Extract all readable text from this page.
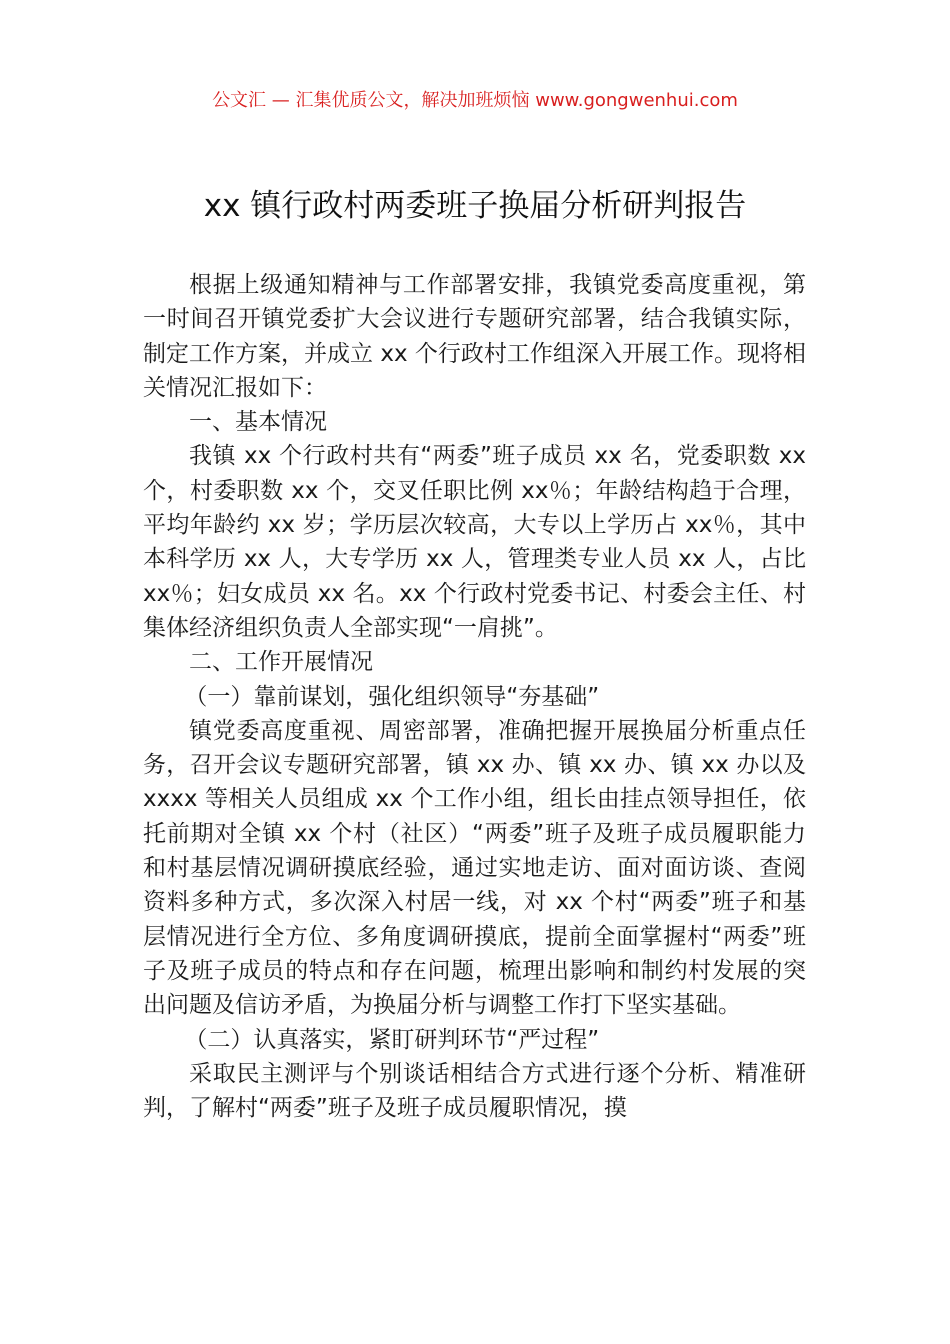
公文汇 — 汇集优质公文，解决加班烦恼 www.gongwenhui.com
xx 镇行政村两委班子换届分析研判报告

根据上级通知精神与工作部署安排，我镇党委高度重视，第一时间召开镇党委扩大会议进行专题研究部署，结合我镇实际，制定工作方案，并成立 xx 个行政村工作组深入开展工作。现将相关情况汇报如下：

一、基本情况

我镇 xx 个行政村共有“两委”班子成员 xx 名，党委职数 xx 个，村委职数 xx 个，交叉任职比例 xx％；年龄结构趋于合理，平均年龄约 xx 岁；学历层次较高，大专以上学历占 xx％，其中本科学历 xx 人，大专学历 xx 人，管理类专业人员 xx 人，占比 xx％；妇女成员 xx 名。xx 个行政村党委书记、村委会主任、村集体经济组织负责人全部实现“一肩挑”。

二、工作开展情况

（一）靠前谋划，强化组织领导“夯基础”

镇党委高度重视、周密部署，准确把握开展换届分析重点任务，召开会议专题研究部署，镇 xx 办、镇 xx 办、镇 xx 办以及 xxxx 等相关人员组成 xx 个工作小组，组长由挂点领导担任，依托前期对全镇 xx 个村（社区）“两委”班子及班子成员履职能力和村基层情况调研摸底经验，通过实地走访、面对面访谈、查阅资料多种方式，多次深入村居一线，对 xx 个村“两委”班子和基层情况进行全方位、多角度调研摸底，提前全面掌握村“两委”班子及班子成员的特点和存在问题，梳理出影响和制约村发展的突出问题及信访矛盾，为换届分析与调整工作打下坚实基础。

（二）认真落实，紧盯研判环节“严过程”

采取民主测评与个别谈话相结合方式进行逐个分析、精准研判，了解村“两委”班子及班子成员履职情况，摸
